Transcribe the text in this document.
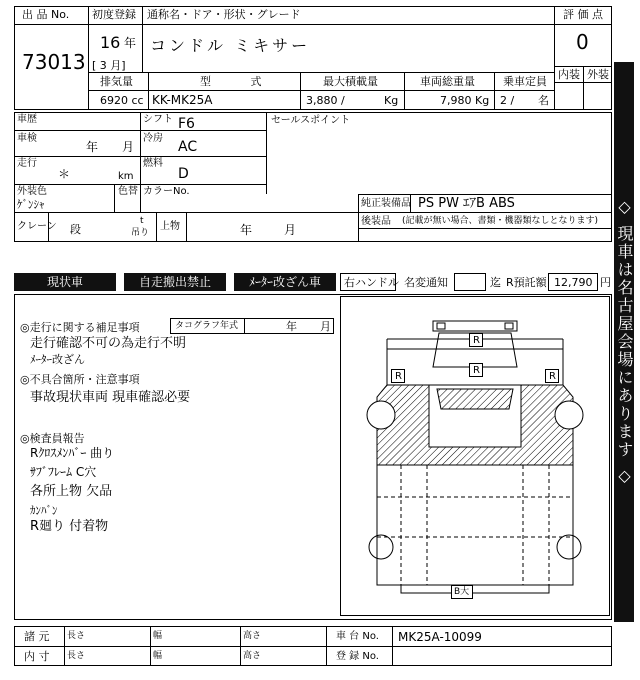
出 品 No.
73013
初度登録 通称名・ドア・形状・グレード
16 年
[ 3 月]
コンドル ミキサー
評 価 点
0
内装 外装
排気量	型 式	最大積載量	車両総重量	乗車定員
6920 cc KK-MK25A	3,880 /	Kg	7,980 Kg 2 / 名
車歴	シフト F6	セールスポイント
車検
年 月
冷房
AC
走行
＊	km
燃料
D
外装色
ｹﾞﾝｼｬ
色替 カラーNo.
純正装備品 PS PW ｴｱB ABS
後装品 (記載が無い場合、書類・機器類なしとなります)
クレーン 段
t
吊り
上物	年	月
現状車	自走搬出禁止	ﾒｰﾀｰ改ざん車	右ハンドル 名変通知	迄 R預託額 12,790 円
◎走行に関する補足事項	タコグラフ年式	年 月
走行確認不可の為走行不明
ﾒｰﾀｰ改ざん
◎不具合箇所・注意事項
事故現状車両 現車確認必要
◎検査員報告
Rｸﾛｽﾒﾝﾊﾞｰ 曲り
ｻﾌﾞﾌﾚｰﾑ C穴
各所上物 欠品
ｶﾝﾊﾞﾝ
R廻り 付着物
R
R
R	R
B大
諸 元
内 寸
長さ	幅	高さ
長さ	幅	高さ
車 台 No. MK25A-10099
登 録 No.
◇ 現車は名古屋会場にあります ◇
